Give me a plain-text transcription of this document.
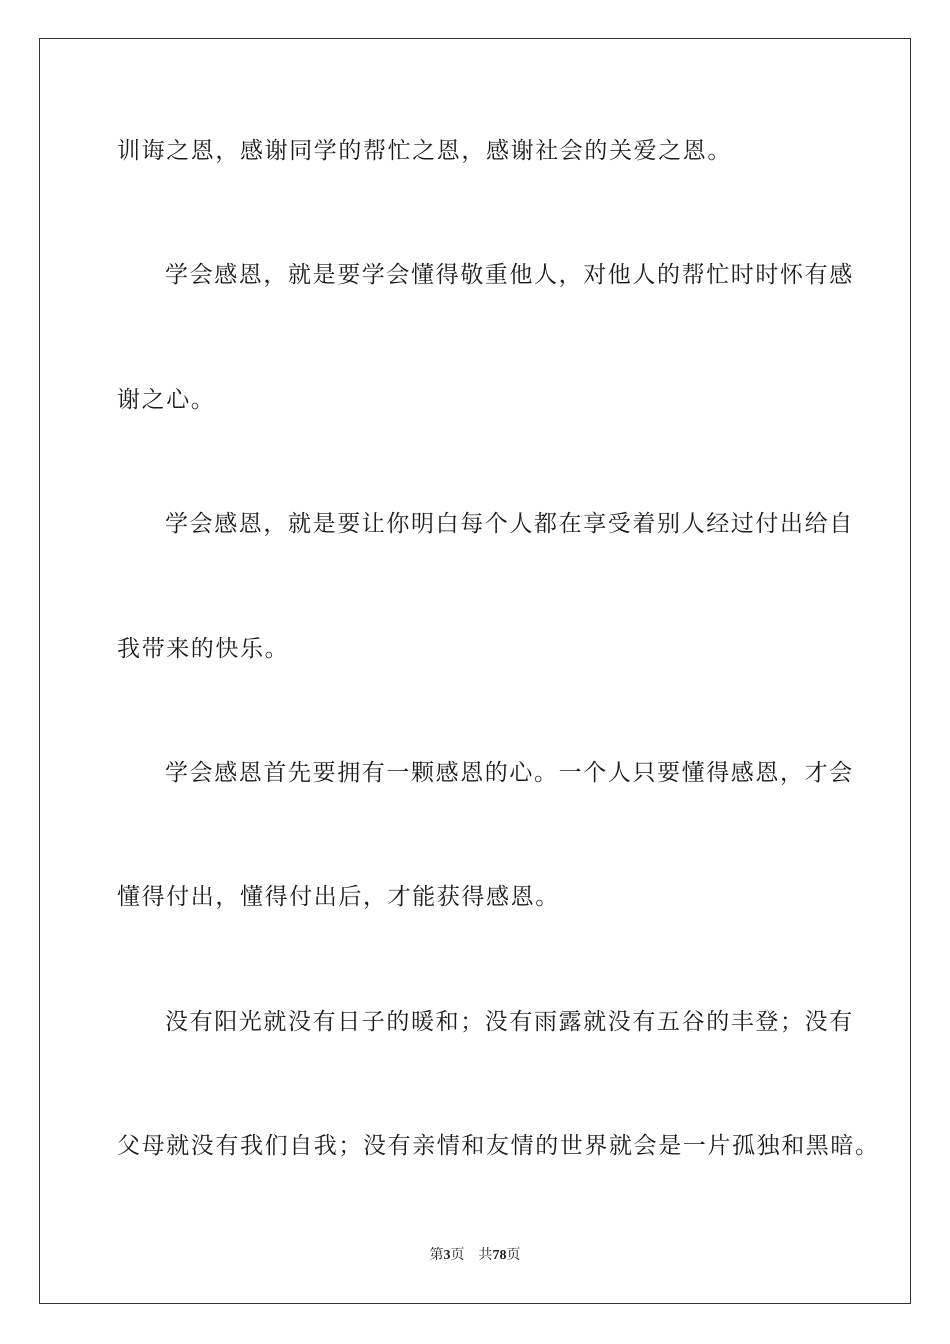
训诲之恩，感谢同学的帮忙之恩，感谢社会的关爱之恩。
学会感恩，就是要学会懂得敬重他人，对他人的帮忙时时怀有感
谢之心。
学会感恩，就是要让你明白每个人都在享受着别人经过付出给自
我带来的快乐。
学会感恩首先要拥有一颗感恩的心。一个人只要懂得感恩，才会
懂得付出，懂得付出后，才能获得感恩。
没有阳光就没有日子的暖和；没有雨露就没有五谷的丰登；没有
父母就没有我们自我；没有亲情和友情的世界就会是一片孤独和黑暗。
第3页 共78页
